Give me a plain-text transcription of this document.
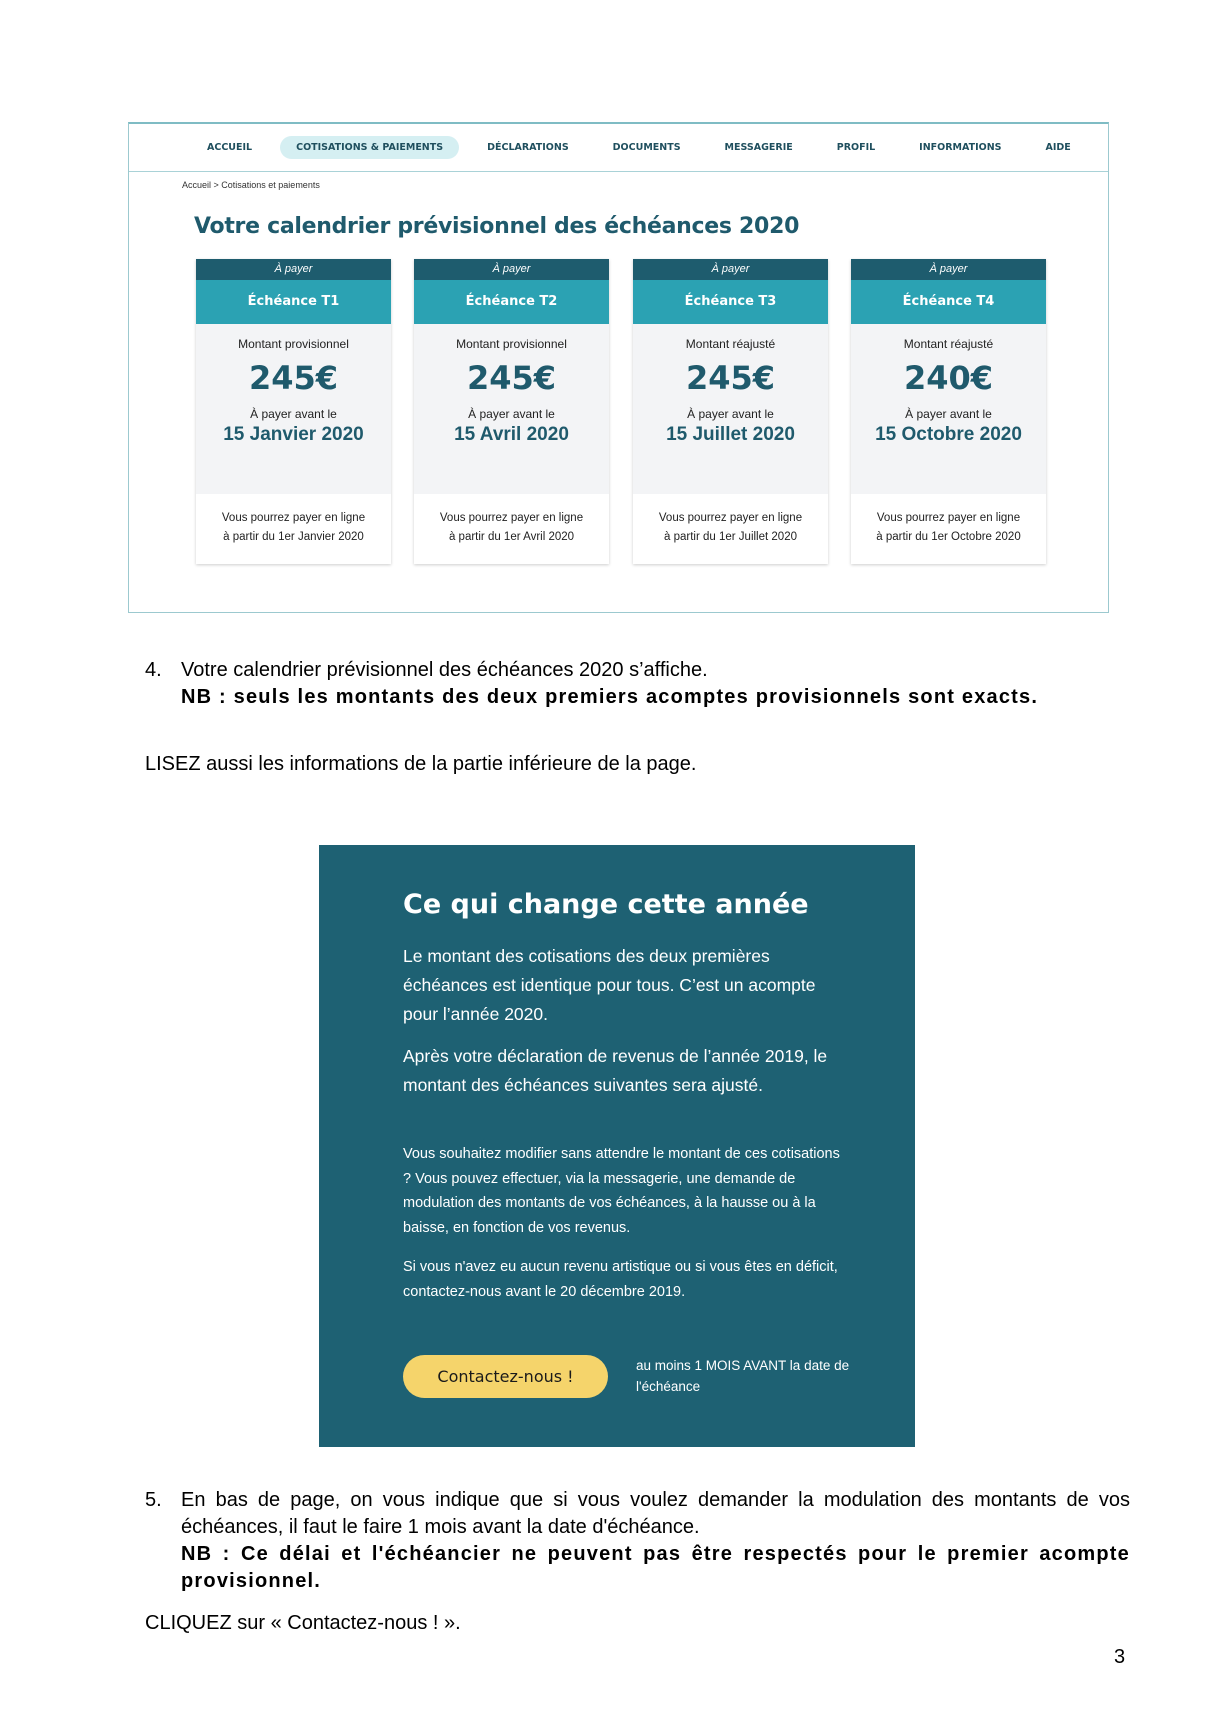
ACCUEIL	COTISATIONS & PAIEMENTS	DÉCLARATIONS	DOCUMENTS	MESSAGERIE	PROFIL	INFORMATIONS	AIDE
Accueil > Cotisations et paiements
Votre calendrier prévisionnel des échéances 2020
À payer
Échéance T1
Montant provisionnel
245€
À payer avant le
15 Janvier 2020
Vous pourrez payer en ligne
à partir du 1er Janvier 2020
À payer
Échéance T2
Montant provisionnel
245€
À payer avant le
15 Avril 2020
Vous pourrez payer en ligne
à partir du 1er Avril 2020
À payer
Échéance T3
Montant réajusté
245€
À payer avant le
15 Juillet 2020
Vous pourrez payer en ligne
à partir du 1er Juillet 2020
À payer
Échéance T4
Montant réajusté
240€
À payer avant le
15 Octobre 2020
Vous pourrez payer en ligne
à partir du 1er Octobre 2020
4. Votre calendrier prévisionnel des échéances 2020 s’affiche.
NB : seuls les montants des deux premiers acomptes provisionnels sont exacts.
LISEZ aussi les informations de la partie inférieure de la page.
Ce qui change cette année
Le montant des cotisations des deux premières échéances est identique pour tous. C’est un acompte pour l’année 2020.
Après votre déclaration de revenus de l’année 2019, le montant des échéances suivantes sera ajusté.
Vous souhaitez modifier sans attendre le montant de ces cotisations ? Vous pouvez effectuer, via la messagerie, une demande de modulation des montants de vos échéances, à la hausse ou à la baisse, en fonction de vos revenus.
Si vous n'avez eu aucun revenu artistique ou si vous êtes en déficit, contactez-nous avant le 20 décembre 2019.
Contactez-nous !
au moins 1 MOIS AVANT la date de l'échéance
5. En bas de page, on vous indique que si vous voulez demander la modulation des montants de vos échéances, il faut le faire 1 mois avant la date d'échéance.
NB : Ce délai et l'échéancier ne peuvent pas être respectés pour le premier acompte provisionnel.
CLIQUEZ sur « Contactez-nous ! ».
3
